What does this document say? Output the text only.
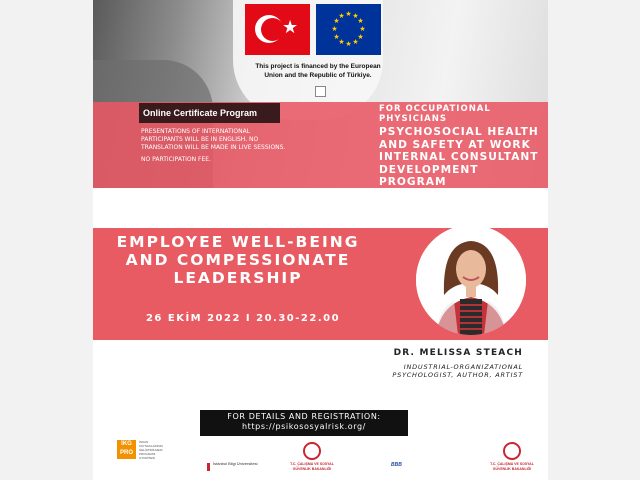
★
★ ★
★
★
★
★
★
★
★
★
★
★
This project is financed by the European
Union and the Republic of Türkiye.
Online Certificate Program

PRESENTATIONS OF INTERNATIONAL PARTICIPANTS WILL BE IN ENGLISH. NO TRANSLATION WILL BE MADE IN LIVE SESSIONS.

NO PARTICIPATION FEE.

FOR OCCUPATIONAL PHYSICIANS
PSYCHOSOCIAL HEALTH
AND SAFETY AT WORK
INTERNAL CONSULTANT
DEVELOPMENT PROGRAM
WEBINAR SERIES
EMPLOYEE WELL-BEING
AND COMPESSIONATE
LEADERSHIP
26 EKİM 2022 I 20.30-22.00
DR. MELISSA STEACH
INDUSTRIAL-ORGANIZATIONAL
PSYCHOLOGIST, AUTHOR, ARTIST
FOR DETAILS AND REGISTRATION:
https://psikososyalrisk.org/
İKG PRO
İNSAN KAYNAKLARININ GELİŞTİRİLMESİ PROGRAMI OTORİTESİ
İstanbul Bilgi Üniversitesi	T.C. ÇALIŞMA VE SOSYAL GÜVENLİK BAKANLIĞI
BBB	T.C. ÇALIŞMA VE SOSYAL GÜVENLİK BAKANLIĞI
